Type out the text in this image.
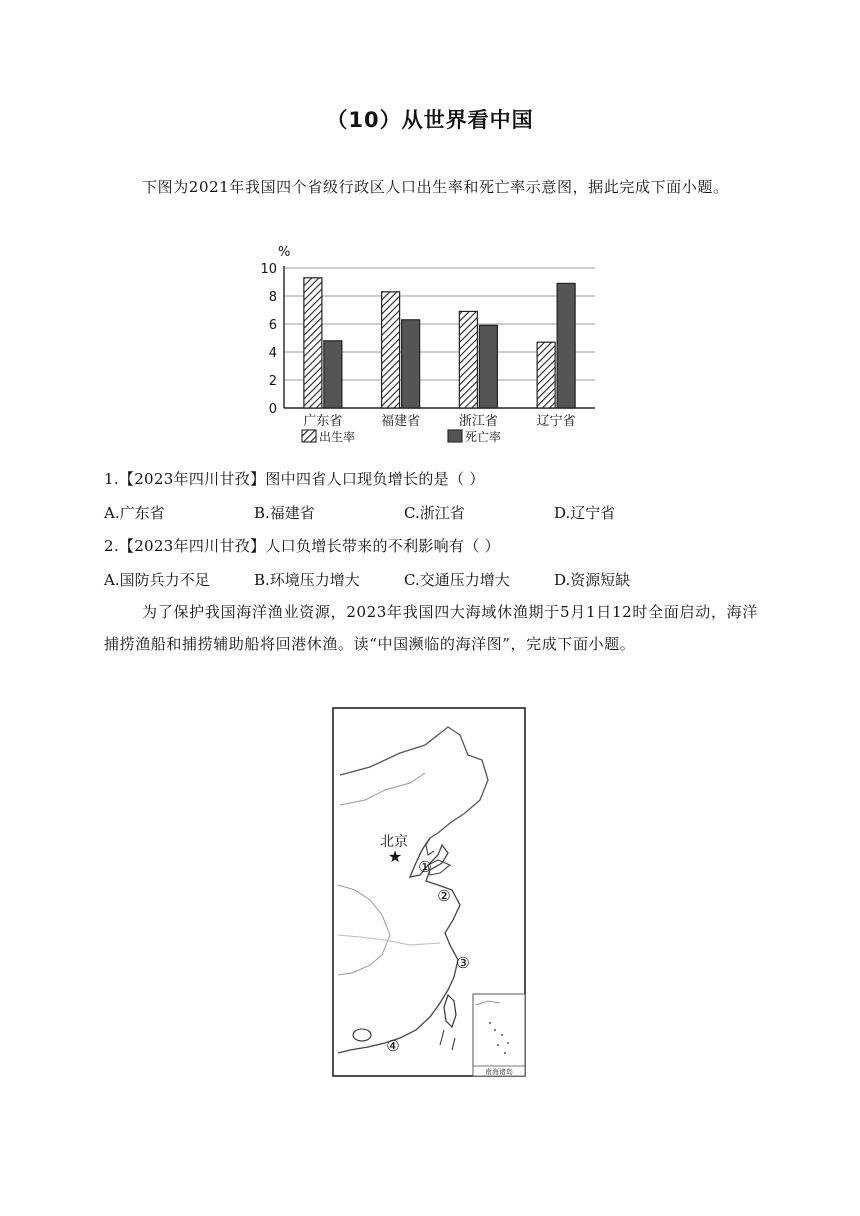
（10）从世界看中国
下图为2021年我国四个省级行政区人口出生率和死亡率示意图，据此完成下面小题。
%
0
2
4
6
8
10
广东省	福建省	浙江省	辽宁省
出生率	死亡率
1.【2023年四川甘孜】图中四省人口现负增长的是（ ）
A.广东省	B.福建省	C.浙江省	D.辽宁省
2.【2023年四川甘孜】人口负增长带来的不利影响有（ ）
A.国防兵力不足	B.环境压力增大	C.交通压力增大	D.资源短缺
为了保护我国海洋渔业资源，2023年我国四大海域休渔期于5月1日12时全面启动，海洋捕捞渔船和捕捞辅助船将回港休渔。读“中国濒临的海洋图”，完成下面小题。
南海诸岛
北京
★
①
②
③
④
